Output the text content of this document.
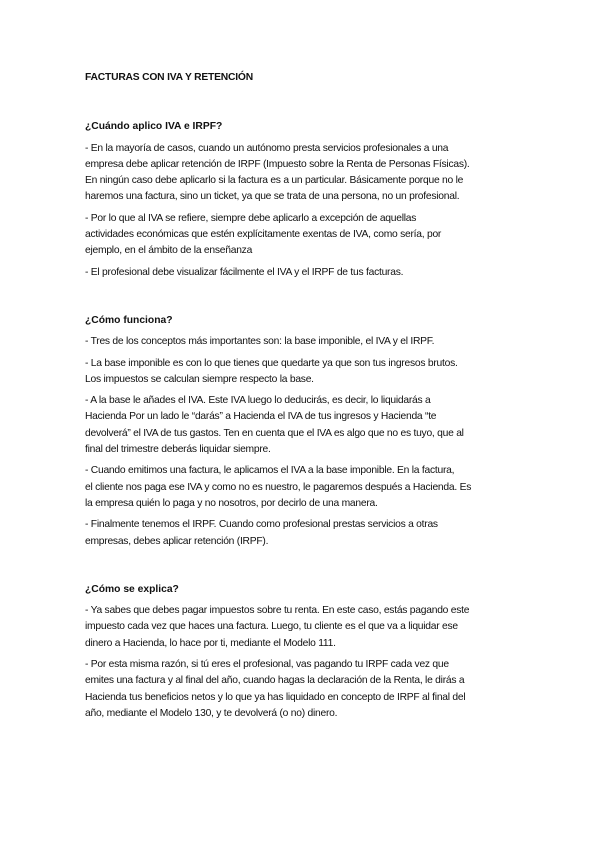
FACTURAS CON IVA Y RETENCIÓN
¿Cuándo aplico IVA e IRPF?
- En la mayoría de casos, cuando un autónomo presta servicios profesionales a una
empresa debe aplicar retención de IRPF (Impuesto sobre la Renta de Personas Físicas).
En ningún caso debe aplicarlo si la factura es a un particular. Básicamente porque no le
haremos una factura, sino un ticket, ya que se trata de una persona, no un profesional.
- Por lo que al IVA se refiere, siempre debe aplicarlo a excepción de aquellas
actividades económicas que estén explícitamente exentas de IVA, como sería, por
ejemplo, en el ámbito de la enseñanza
- El profesional debe visualizar fácilmente el IVA y el IRPF de tus facturas.
¿Cómo funciona?
- Tres de los conceptos más importantes son: la base imponible, el IVA y el IRPF.
- La base imponible es con lo que tienes que quedarte ya que son tus ingresos brutos.
Los impuestos se calculan siempre respecto la base.
- A la base le añades el IVA. Este IVA luego lo deducirás, es decir, lo liquidarás a
Hacienda Por un lado le “darás” a Hacienda el IVA de tus ingresos y Hacienda “te
devolverá” el IVA de tus gastos. Ten en cuenta que el IVA es algo que no es tuyo, que al
final del trimestre deberás liquidar siempre.
- Cuando emitimos una factura, le aplicamos el IVA a la base imponible. En la factura,
el cliente nos paga ese IVA y como no es nuestro, le pagaremos después a Hacienda. Es
la empresa quién lo paga y no nosotros, por decirlo de una manera.
- Finalmente tenemos el IRPF. Cuando como profesional prestas servicios a otras
empresas, debes aplicar retención (IRPF).
¿Cómo se explica?
- Ya sabes que debes pagar impuestos sobre tu renta. En este caso, estás pagando este
impuesto cada vez que haces una factura. Luego, tu cliente es el que va a liquidar ese
dinero a Hacienda, lo hace por ti, mediante el Modelo 111.
- Por esta misma razón, si tú eres el profesional, vas pagando tu IRPF cada vez que
emites una factura y al final del año, cuando hagas la declaración de la Renta, le dirás a
Hacienda tus beneficios netos y lo que ya has liquidado en concepto de IRPF al final del
año, mediante el Modelo 130, y te devolverá (o no) dinero.
